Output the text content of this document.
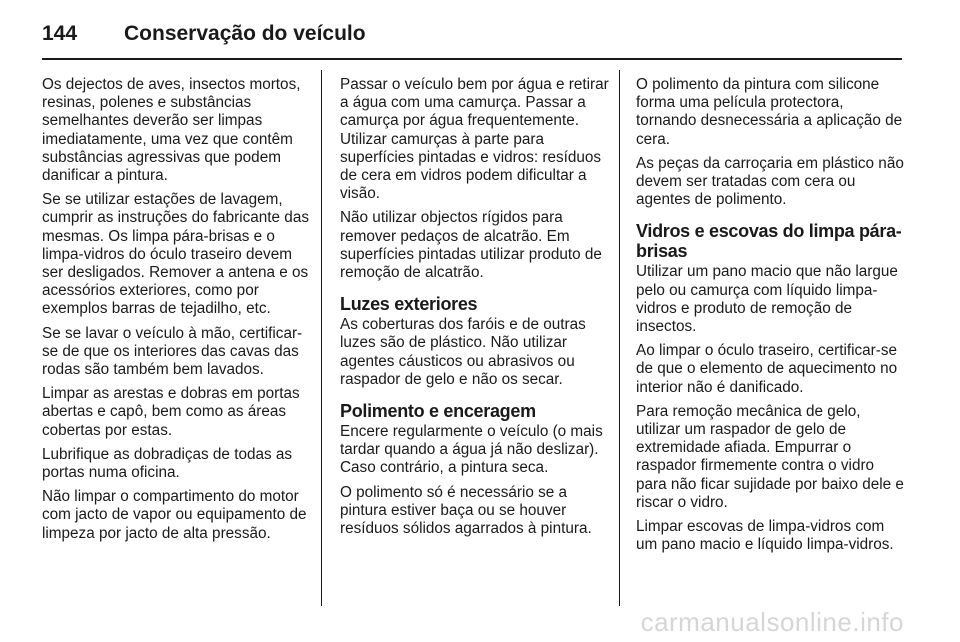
144	Conservação do veículo

Os dejectos de aves, insectos mortos, resinas, polenes e substâncias semelhantes deverão ser limpas imediatamente, uma vez que contêm substâncias agressivas que podem danificar a pintura.

Se se utilizar estações de lavagem, cumprir as instruções do fabricante das mesmas. Os limpa pára-brisas e o limpa-vidros do óculo traseiro devem ser desligados. Remover a antena e os acessórios exteriores, como por exemplos barras de tejadilho, etc.

Se se lavar o veículo à mão, certificar-se de que os interiores das cavas das rodas são também bem lavados.

Limpar as arestas e dobras em portas abertas e capô, bem como as áreas cobertas por estas.

Lubrifique as dobradiças de todas as portas numa oficina.

Não limpar o compartimento do motor com jacto de vapor ou equipamento de limpeza por jacto de alta pressão.

Passar o veículo bem por água e retirar a água com uma camurça. Passar a camurça por água frequentemente. Utilizar camurças à parte para superfícies pintadas e vidros: resíduos de cera em vidros podem dificultar a visão.

Não utilizar objectos rígidos para remover pedaços de alcatrão. Em superfícies pintadas utilizar produto de remoção de alcatrão.

Luzes exteriores

As coberturas dos faróis e de outras luzes são de plástico. Não utilizar agentes cáusticos ou abrasivos ou raspador de gelo e não os secar.

Polimento e enceragem

Encere regularmente o veículo (o mais tardar quando a água já não deslizar). Caso contrário, a pintura seca.

O polimento só é necessário se a pintura estiver baça ou se houver resíduos sólidos agarrados à pintura.

O polimento da pintura com silicone forma uma película protectora, tornando desnecessária a aplicação de cera.

As peças da carroçaria em plástico não devem ser tratadas com cera ou agentes de polimento.

Vidros e escovas do limpa pára-brisas

Utilizar um pano macio que não largue pelo ou camurça com líquido limpa-vidros e produto de remoção de insectos.

Ao limpar o óculo traseiro, certificar-se de que o elemento de aquecimento no interior não é danificado.

Para remoção mecânica de gelo, utilizar um raspador de gelo de extremidade afiada. Empurrar o raspador firmemente contra o vidro para não ficar sujidade por baixo dele e riscar o vidro.

Limpar escovas de limpa-vidros com um pano macio e líquido limpa-vidros.

carmanualsonline.info
